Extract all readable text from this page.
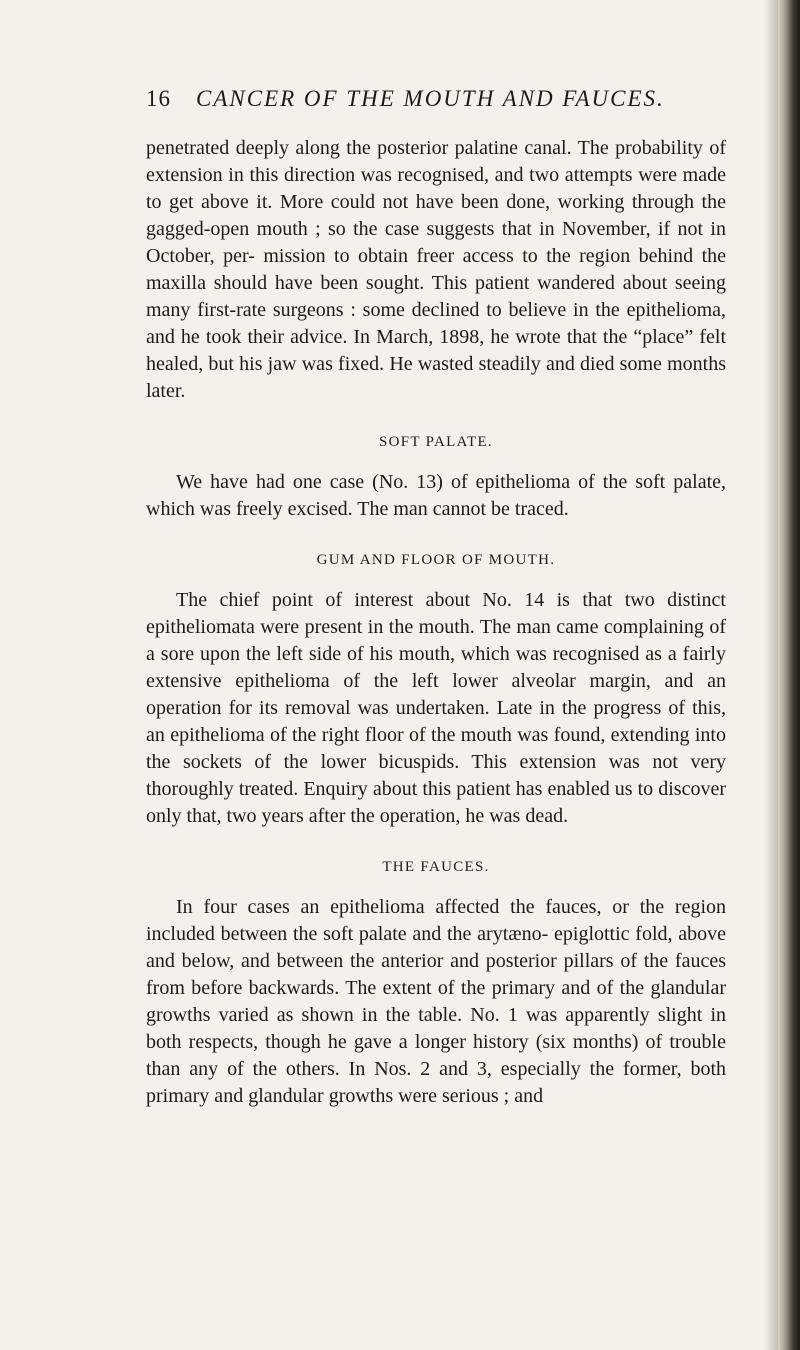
16 CANCER OF THE MOUTH AND FAUCES.

penetrated deeply along the posterior palatine canal. The probability of extension in this direction was recognised, and two attempts were made to get above it. More could not have been done, working through the gagged-open mouth ; so the case suggests that in November, if not in October, per- mission to obtain freer access to the region behind the maxilla should have been sought. This patient wandered about seeing many first-rate surgeons : some declined to believe in the epithelioma, and he took their advice. In March, 1898, he wrote that the “place” felt healed, but his jaw was fixed. He wasted steadily and died some months later.

SOFT PALATE.

We have had one case (No. 13) of epithelioma of the soft palate, which was freely excised. The man cannot be traced.

GUM AND FLOOR OF MOUTH.

The chief point of interest about No. 14 is that two distinct epitheliomata were present in the mouth. The man came complaining of a sore upon the left side of his mouth, which was recognised as a fairly extensive epithelioma of the left lower alveolar margin, and an operation for its removal was undertaken. Late in the progress of this, an epithelioma of the right floor of the mouth was found, extending into the sockets of the lower bicuspids. This extension was not very thoroughly treated. Enquiry about this patient has enabled us to discover only that, two years after the operation, he was dead.

THE FAUCES.

In four cases an epithelioma affected the fauces, or the region included between the soft palate and the arytæno- epiglottic fold, above and below, and between the anterior and posterior pillars of the fauces from before backwards. The extent of the primary and of the glandular growths varied as shown in the table. No. 1 was apparently slight in both respects, though he gave a longer history (six months) of trouble than any of the others. In Nos. 2 and 3, especially the former, both primary and glandular growths were serious ; and
